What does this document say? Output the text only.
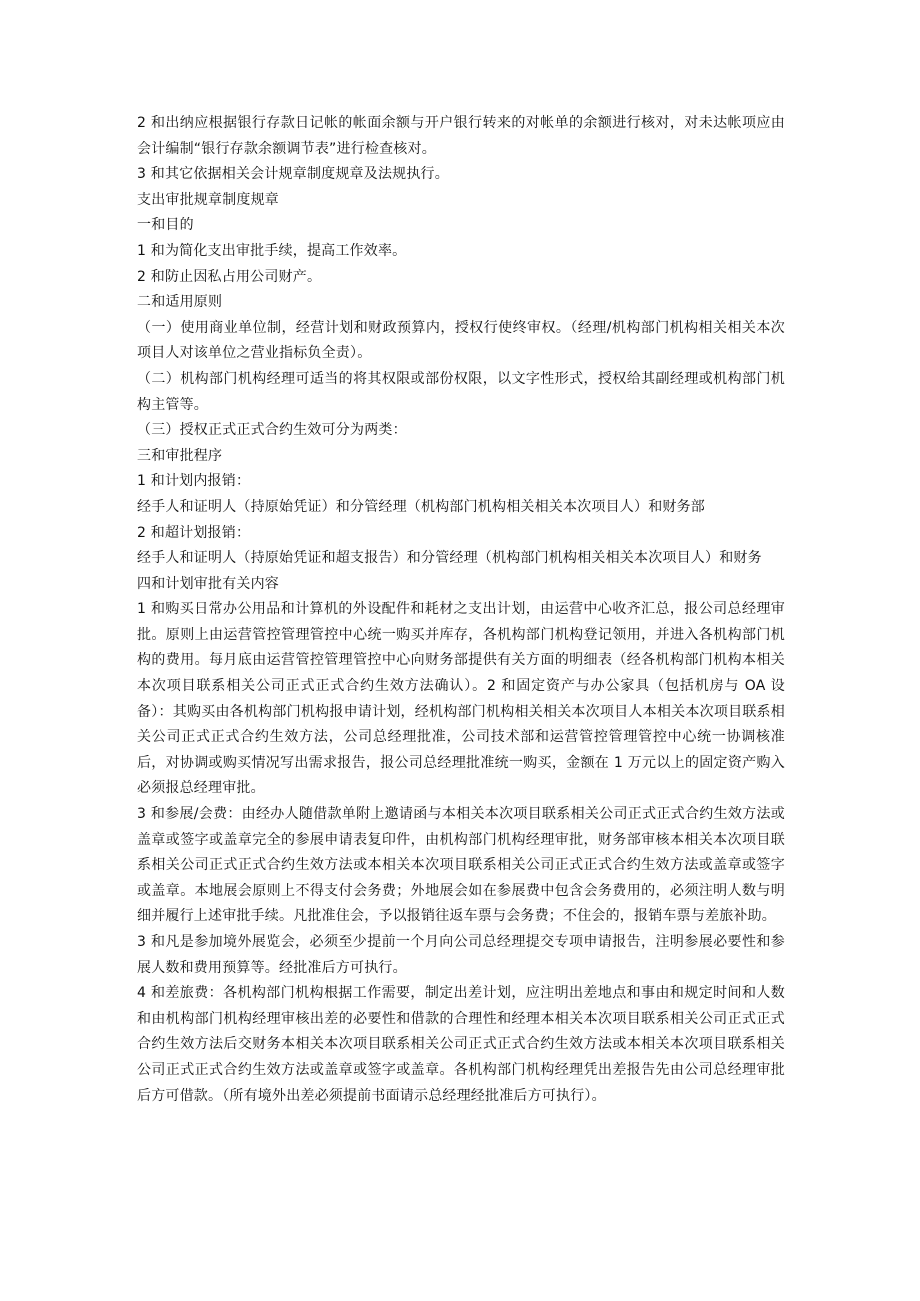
2 和出纳应根据银行存款日记帐的帐面余额与开户银行转来的对帐单的余额进行核对，对未达帐项应由会计编制“银行存款余额调节表”进行检查核对。

3 和其它依据相关会计规章制度规章及法规执行。

支出审批规章制度规章

一和目的

1 和为简化支出审批手续，提高工作效率。

2 和防止因私占用公司财产。

二和适用原则

（一）使用商业单位制，经营计划和财政预算内，授权行使终审权。（经理/机构部门机构相关相关本次项目人对该单位之营业指标负全责）。

（二）机构部门机构经理可适当的将其权限或部份权限，以文字性形式，授权给其副经理或机构部门机构主管等。

（三）授权正式正式合约生效可分为两类：

三和审批程序

1 和计划内报销：

经手人和证明人（持原始凭证）和分管经理（机构部门机构相关相关本次项目人）和财务部

2 和超计划报销：

经手人和证明人（持原始凭证和超支报告）和分管经理（机构部门机构相关相关本次项目人）和财务

四和计划审批有关内容

1 和购买日常办公用品和计算机的外设配件和耗材之支出计划，由运营中心收齐汇总，报公司总经理审批。原则上由运营管控管理管控中心统一购买并库存，各机构部门机构登记领用，并进入各机构部门机构的费用。每月底由运营管控管理管控中心向财务部提供有关方面的明细表（经各机构部门机构本相关本次项目联系相关公司正式正式合约生效方法确认）。2 和固定资产与办公家具（包括机房与 OA 设备）：其购买由各机构部门机构报申请计划，经机构部门机构相关相关本次项目人本相关本次项目联系相关公司正式正式合约生效方法，公司总经理批准，公司技术部和运营管控管理管控中心统一协调核准后，对协调或购买情况写出需求报告，报公司总经理批准统一购买，金额在 1 万元以上的固定资产购入必须报总经理审批。

3 和参展/会费：由经办人随借款单附上邀请函与本相关本次项目联系相关公司正式正式合约生效方法或盖章或签字或盖章完全的参展申请表复印件，由机构部门机构经理审批，财务部审核本相关本次项目联系相关公司正式正式合约生效方法或本相关本次项目联系相关公司正式正式合约生效方法或盖章或签字或盖章。本地展会原则上不得支付会务费；外地展会如在参展费中包含会务费用的，必须注明人数与明细并履行上述审批手续。凡批准住会，予以报销往返车票与会务费；不住会的，报销车票与差旅补助。

3 和凡是参加境外展览会，必须至少提前一个月向公司总经理提交专项申请报告，注明参展必要性和参展人数和费用预算等。经批准后方可执行。

4 和差旅费：各机构部门机构根据工作需要，制定出差计划，应注明出差地点和事由和规定时间和人数和由机构部门机构经理审核出差的必要性和借款的合理性和经理本相关本次项目联系相关公司正式正式合约生效方法后交财务本相关本次项目联系相关公司正式正式合约生效方法或本相关本次项目联系相关公司正式正式合约生效方法或盖章或签字或盖章。各机构部门机构经理凭出差报告先由公司总经理审批后方可借款。（所有境外出差必须提前书面请示总经理经批准后方可执行）。
